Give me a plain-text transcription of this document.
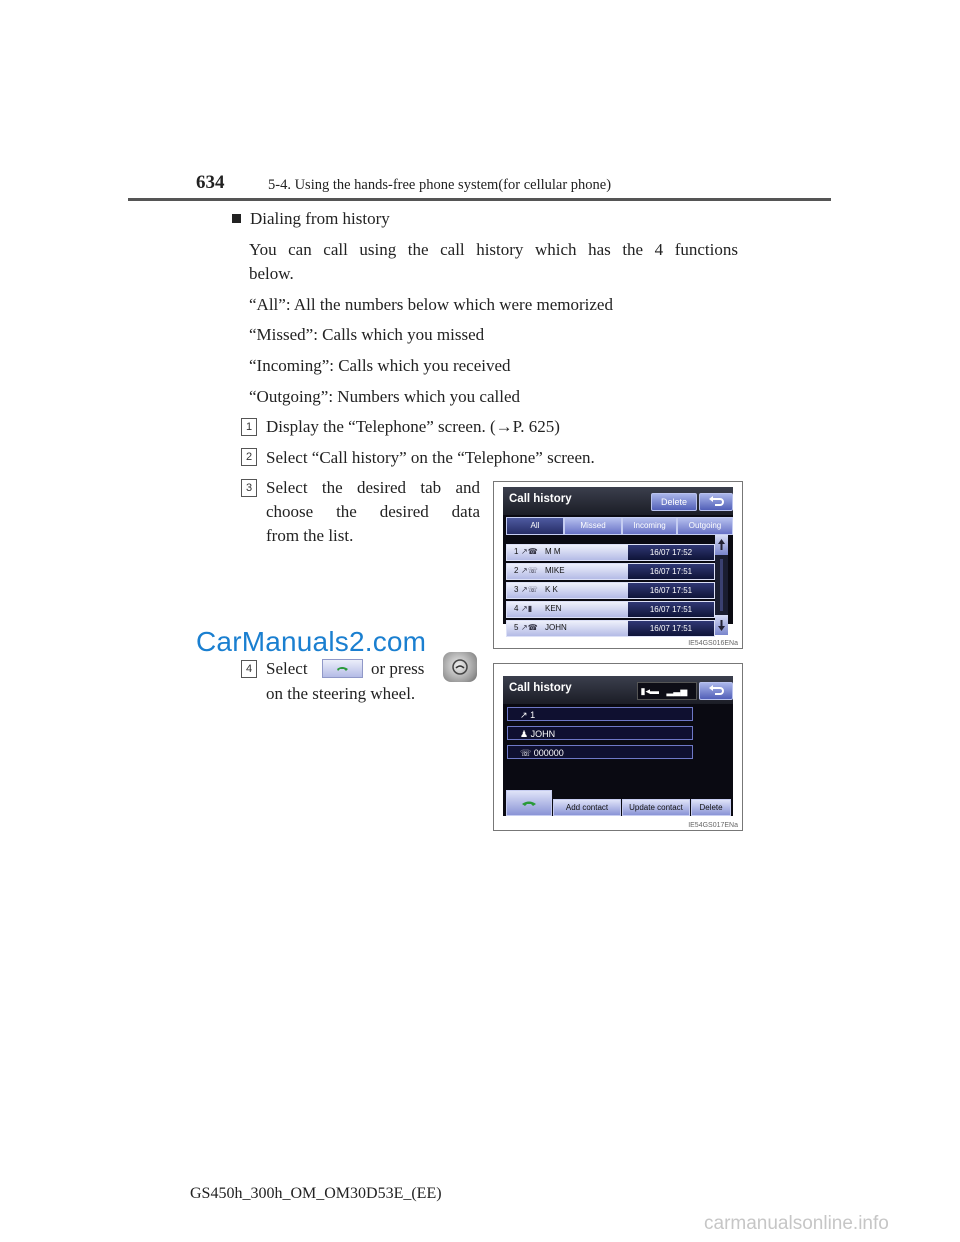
634	5-4. Using the hands-free phone system(for cellular phone)
Dialing from history
You can call using the call history which has the 4 functions
below.
“All”: All the numbers below which were memorized
“Missed”: Calls which you missed
“Incoming”: Calls which you received
“Outgoing”: Numbers which you called
1 Display the “Telephone” screen. (→P. 625)
2 Select “Call history” on the “Telephone” screen.
3 Select the desired tab and
choose the desired data
from the list.
Call history	Delete
All	Missed	Incoming	Outgoing
1 ↗☎ M M	16/07 17:52
2 ↗☏ MIKE	16/07 17:51
3 ↗☏ K K	16/07 17:51
4 ↗▮ KEN	16/07 17:51
5 ↗☎ JOHN	16/07 17:51
IE54GS016ENa
4 Select	or press
on the steering wheel.	Call history	▮◂▬   ▂▃▅
↗ 1
♟ JOHN
☏ 000000
Add contact	Update contact	Delete
IE54GS017ENa
CarManuals2.com
GS450h_300h_OM_OM30D53E_(EE)
carmanualsonline.info
